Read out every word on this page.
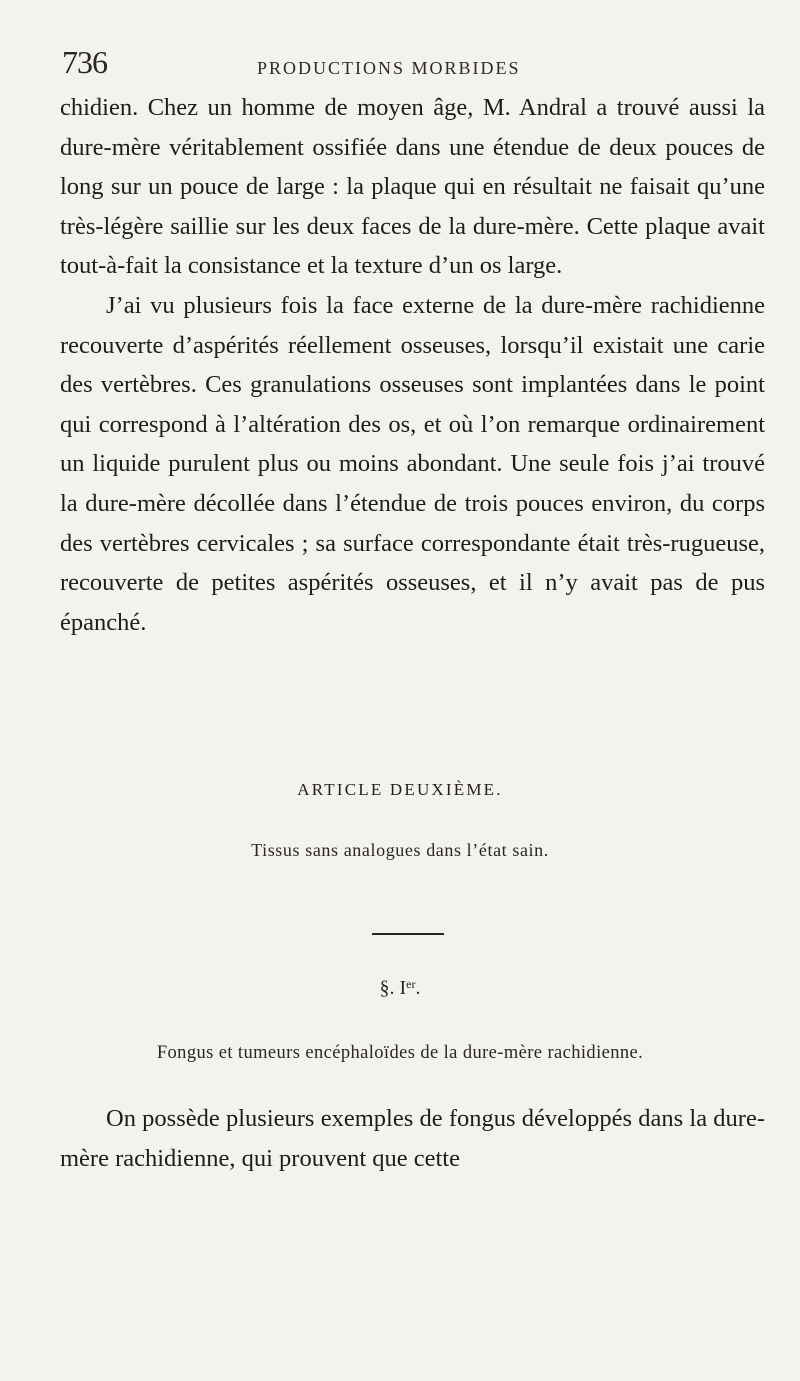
736	PRODUCTIONS MORBIDES

chidien. Chez un homme de moyen âge, M. Andral a trouvé aussi la dure-mère véritablement ossifiée dans une étendue de deux pouces de long sur un pouce de large : la plaque qui en résultait ne faisait qu’une très-légère saillie sur les deux faces de la dure-mère. Cette plaque avait tout-à-fait la consistance et la texture d’un os large.

J’ai vu plusieurs fois la face externe de la dure-mère rachidienne recouverte d’aspérités réellement osseuses, lorsqu’il existait une carie des vertèbres. Ces granulations osseuses sont implantées dans le point qui correspond à l’altération des os, et où l’on remarque ordinairement un liquide purulent plus ou moins abondant. Une seule fois j’ai trouvé la dure-mère décollée dans l’étendue de trois pouces environ, du corps des vertèbres cervicales ; sa surface correspondante était très-rugueuse, recouverte de petites aspérités osseuses, et il n’y avait pas de pus épanché.

ARTICLE DEUXIÈME.
Tissus sans analogues dans l’état sain.
§. Ier.
Fongus et tumeurs encéphaloïdes de la dure-mère rachidienne.

On possède plusieurs exemples de fongus développés dans la dure-mère rachidienne, qui prouvent que cette
